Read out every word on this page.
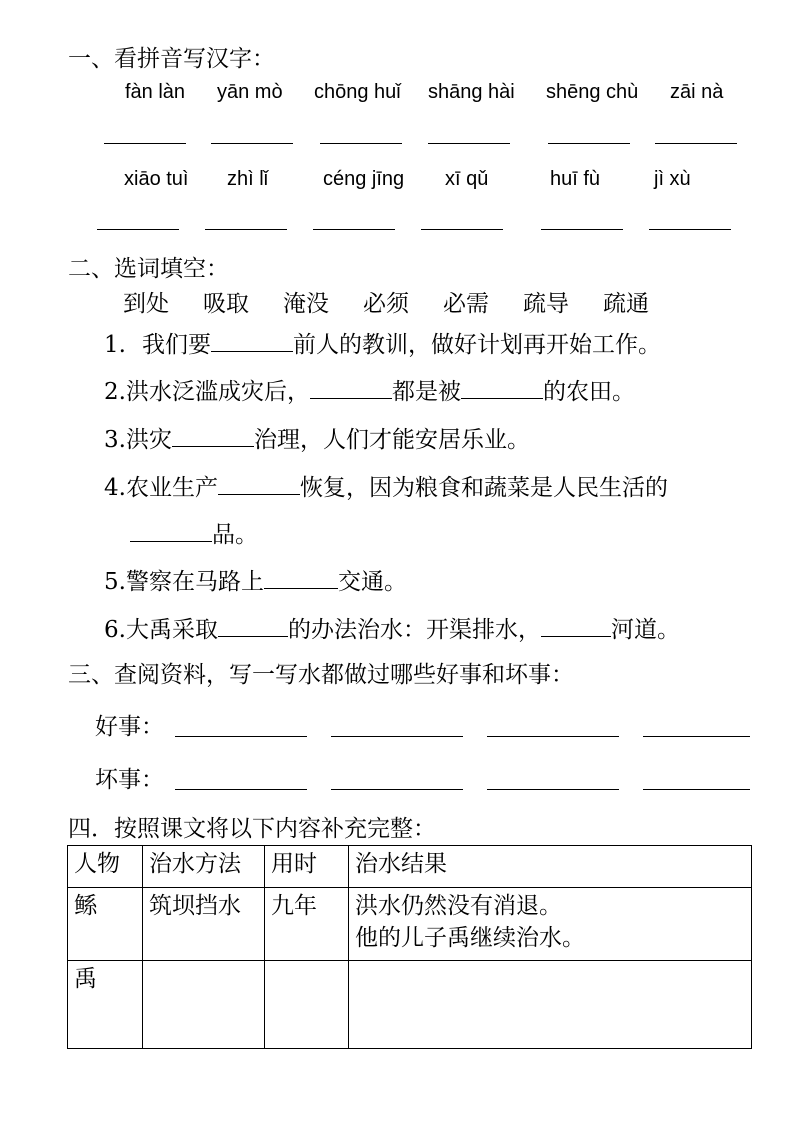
一、看拼音写汉字：
fàn làn yān mò chōng huǐ shāng hài shēng chù zāi nà
xiāo tuì zhì lǐ	céng jīng xī qǔ	huī fù	jì xù
二、选词填空：
到处 吸取 淹没 必须 必需 疏导 疏通
1. 我们要	前人的教训，做好计划再开始工作。
2.洪水泛滥成灾后，	都是被	的农田。
3.洪灾	治理，人们才能安居乐业。
4.农业生产	恢复，因为粮食和蔬菜是人民生活的
品。
5.警察在马路上	交通。
6.大禹采取	的办法治水：开渠排水，	河道。
三、查阅资料，写一写水都做过哪些好事和坏事：
好事：
坏事：
四．按照课文将以下内容补充完整：
人物	治水方法	用时	治水结果
鲧	筑坝挡水	九年	洪水仍然没有消退。
他的儿子禹继续治水。

禹			
